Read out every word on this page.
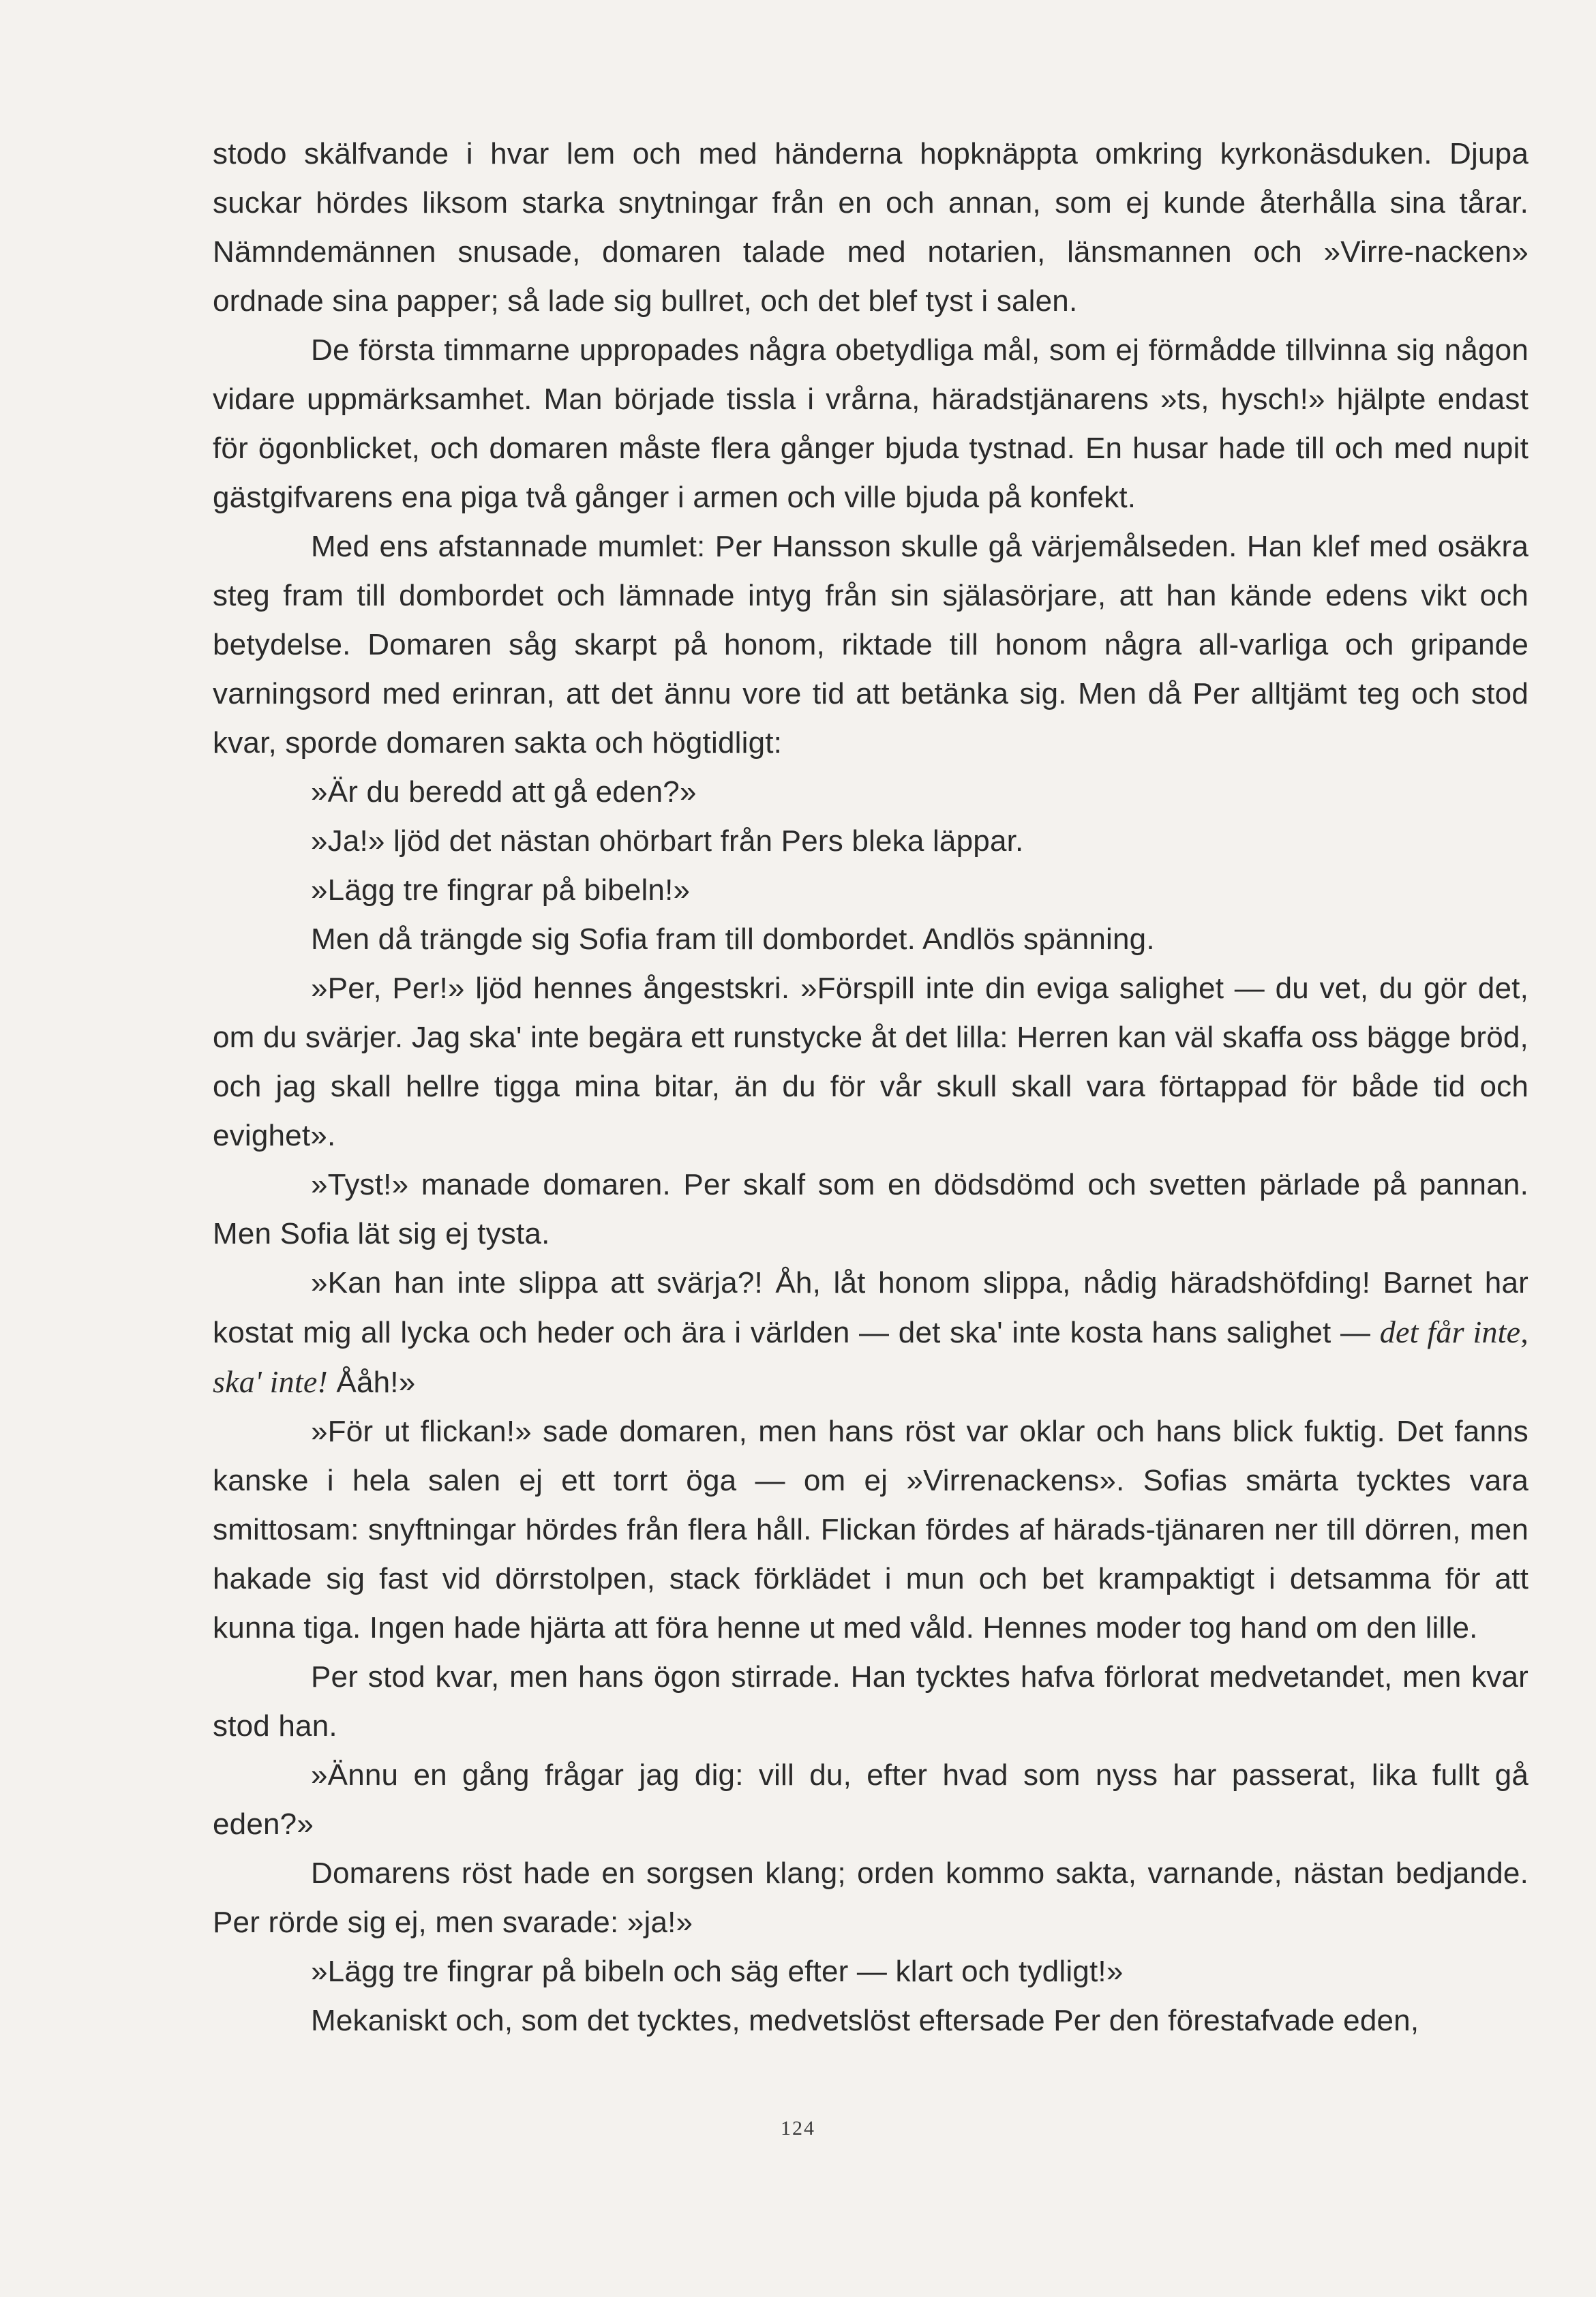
stodo skälfvande i hvar lem och med händerna hopknäppta omkring kyrkonäsduken. Djupa suckar hördes liksom starka snytningar från en och annan, som ej kunde återhålla sina tårar. Nämndemännen snusade, domaren talade med notarien, länsmannen och »Virre-nacken» ordnade sina papper; så lade sig bullret, och det blef tyst i salen.

De första timmarne uppropades några obetydliga mål, som ej förmådde tillvinna sig någon vidare uppmärksamhet. Man började tissla i vrårna, häradstjänarens »ts, hysch!» hjälpte endast för ögonblicket, och domaren måste flera gånger bjuda tystnad. En husar hade till och med nupit gästgifvarens ena piga två gånger i armen och ville bjuda på konfekt.

Med ens afstannade mumlet: Per Hansson skulle gå värjemålseden. Han klef med osäkra steg fram till dombordet och lämnade intyg från sin själasörjare, att han kände edens vikt och betydelse. Domaren såg skarpt på honom, riktade till honom några all-varliga och gripande varningsord med erinran, att det ännu vore tid att betänka sig. Men då Per alltjämt teg och stod kvar, sporde domaren sakta och högtidligt:

»Är du beredd att gå eden?»

»Ja!» ljöd det nästan ohörbart från Pers bleka läppar.

»Lägg tre fingrar på bibeln!»

Men då trängde sig Sofia fram till dombordet. Andlös spänning.

»Per, Per!» ljöd hennes ångestskri. »Förspill inte din eviga salighet — du vet, du gör det, om du svärjer. Jag ska' inte begära ett runstycke åt det lilla: Herren kan väl skaffa oss bägge bröd, och jag skall hellre tigga mina bitar, än du för vår skull skall vara förtappad för både tid och evighet».

»Tyst!» manade domaren. Per skalf som en dödsdömd och svetten pärlade på pannan. Men Sofia lät sig ej tysta.

»Kan han inte slippa att svärja?! Åh, låt honom slippa, nådig häradshöfding! Barnet har kostat mig all lycka och heder och ära i världen — det ska' inte kosta hans salighet — det får inte, ska' inte! Ååh!»

»För ut flickan!» sade domaren, men hans röst var oklar och hans blick fuktig. Det fanns kanske i hela salen ej ett torrt öga — om ej »Virrenackens». Sofias smärta tycktes vara smittosam: snyftningar hördes från flera håll. Flickan fördes af härads-tjänaren ner till dörren, men hakade sig fast vid dörrstolpen, stack förklädet i mun och bet krampaktigt i detsamma för att kunna tiga. Ingen hade hjärta att föra henne ut med våld. Hennes moder tog hand om den lille.

Per stod kvar, men hans ögon stirrade. Han tycktes hafva förlorat medvetandet, men kvar stod han.

»Ännu en gång frågar jag dig: vill du, efter hvad som nyss har passerat, lika fullt gå eden?»

Domarens röst hade en sorgsen klang; orden kommo sakta, varnande, nästan bedjande. Per rörde sig ej, men svarade: »ja!»

»Lägg tre fingrar på bibeln och säg efter — klart och tydligt!»

Mekaniskt och, som det tycktes, medvetslöst eftersade Per den förestafvade eden,

124
